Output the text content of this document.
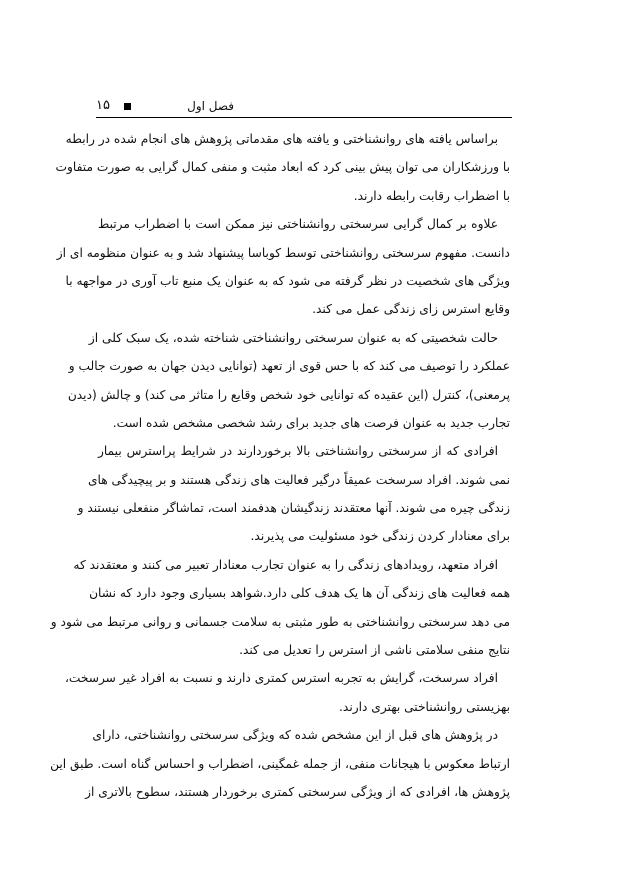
فصل اول
۱۵

براساس یافته های روانشناختی و یافته های مقدماتی پژوهش های انجام شده در رابطه
با ورزشکاران می توان پیش بینی کرد که ابعاد مثبت و منفی کمال گرایی به صورت متفاوت
با اضطراب رقابت رابطه دارند.

علاوه بر کمال گرایی سرسختی روانشناختی نیز ممکن است با اضطراب مرتبط
دانست. مفهوم سرسختی روانشناختی توسط کوباسا پیشنهاد شد و به عنوان منظومه ای از
ویژگی های شخصیت در نظر گرفته می شود که به عنوان یک منبع تاب آوری در مواجهه با
وقایع استرس زای زندگی عمل می کند.

حالت شخصیتی که به عنوان سرسختی روانشناختی شناخته شده، یک سبک کلی از
عملکرد را توصیف می کند که با حس قوی از تعهد (توانایی دیدن جهان به صورت جالب و
پرمعنی)، کنترل (این عقیده که توانایی خود شخص وقایع را متاثر می کند) و چالش (دیدن
تجارب جدید به عنوان فرصت های جدید برای رشد شخصی مشخص شده است.

افرادی که از سرسختی روانشناختی بالا برخوردارند در شرایط پراسترس بیمار
نمی شوند. افراد سرسخت عمیقاً درگیر فعالیت های زندگی هستند و بر پیچیدگی های
زندگی چیره می شوند. آنها معتقدند زندگیشان هدفمند است، تماشاگر منفعلی نیستند و
برای معنادار کردن زندگی خود مسئولیت می پذیرند.

افراد متعهد، رویدادهای زندگی را به عنوان تجارب معنادار تعبیر می کنند و معتقدند که
همه فعالیت های زندگی آن ها یک هدف کلی دارد.شواهد بسیاری وجود دارد که نشان
می دهد سرسختی روانشناختی به طور مثبتی به سلامت جسمانی و روانی مرتبط می شود و
نتایج منفی سلامتی ناشی از استرس را تعدیل می کند.

افراد سرسخت، گرایش به تجربه استرس کمتری دارند و نسبت به افراد غیر سرسخت،
بهزیستی روانشناختی بهتری دارند.

در پژوهش های قبل از این مشخص شده که ویژگی سرسختی روانشناختی، دارای
ارتباط معکوس با هیجانات منفی، از جمله غمگینی، اضطراب و احساس گناه است. طبق این
پژوهش ها، افرادی که از ویژگی سرسختی کمتری برخوردار هستند، سطوح بالاتری از
